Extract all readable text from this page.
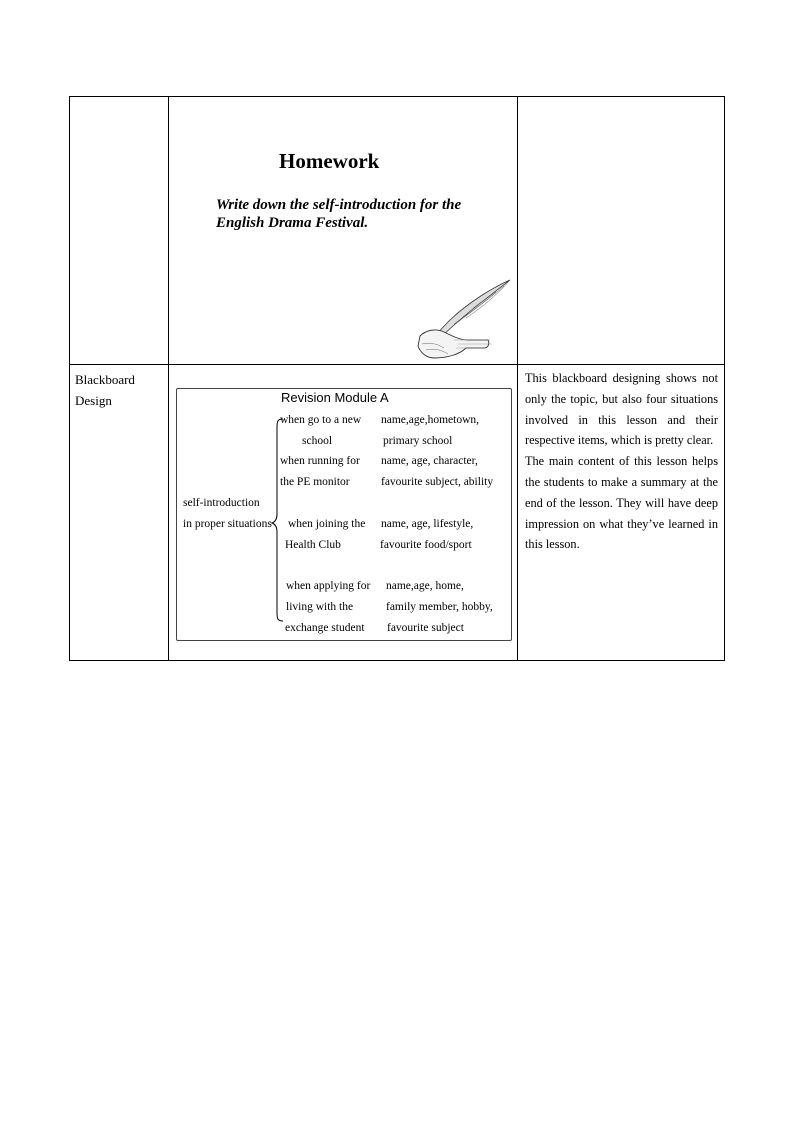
Homework
Write down the self-introduction for the
English Drama Festival.
Blackboard
Design	Revision Module A
self-introduction
in proper situations
when go to a new
school
name,age,hometown,
primary school
when running for
the PE monitor
name, age, character,
favourite subject, ability
when joining the
Health Club
name, age, lifestyle,
favourite food/sport
when applying for
living with the
exchange student
name,age, home,
family member, hobby,
favourite subject

This blackboard designing shows not only the topic, but also four situations involved in this lesson and their respective items, which is pretty clear.

The main content of this lesson helps the students to make a summary at the end of the lesson. They will have deep impression on what they’ve learned in this lesson.
